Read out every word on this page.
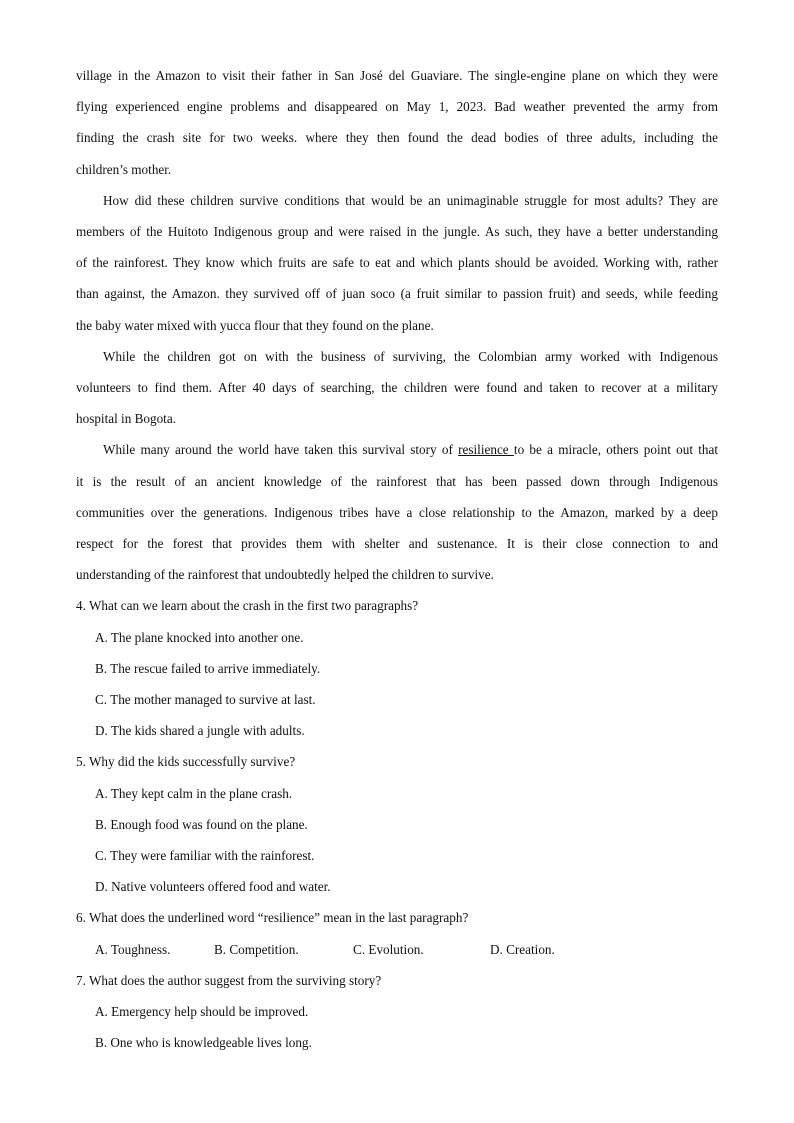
village in the Amazon to visit their father in San José del Guaviare. The single-engine plane on which they were

flying experienced engine problems and disappeared on May 1, 2023. Bad weather prevented the army from

finding the crash site for two weeks. where they then found the dead bodies of three adults, including the

children’s mother.

How did these children survive conditions that would be an unimaginable struggle for most adults? They are

members of the Huitoto Indigenous group and were raised in the jungle. As such, they have a better understanding

of the rainforest. They know which fruits are safe to eat and which plants should be avoided. Working with, rather

than against, the Amazon. they survived off of juan soco (a fruit similar to passion fruit) and seeds, while feeding

the baby water mixed with yucca flour that they found on the plane.

While the children got on with the business of surviving, the Colombian army worked with Indigenous

volunteers to find them. After 40 days of searching, the children were found and taken to recover at a military

hospital in Bogota.

While many around the world have taken this survival story of resilience to be a miracle, others point out that

it is the result of an ancient knowledge of the rainforest that has been passed down through Indigenous

communities over the generations. Indigenous tribes have a close relationship to the Amazon, marked by a deep

respect for the forest that provides them with shelter and sustenance. It is their close connection to and

understanding of the rainforest that undoubtedly helped the children to survive.

4. What can we learn about the crash in the first two paragraphs?

A. The plane knocked into another one.

B. The rescue failed to arrive immediately.

C. The mother managed to survive at last.

D. The kids shared a jungle with adults.

5. Why did the kids successfully survive?

A. They kept calm in the plane crash.

B. Enough food was found on the plane.

C. They were familiar with the rainforest.

D. Native volunteers offered food and water.

6. What does the underlined word “resilience” mean in the last paragraph?

A. Toughness.	B. Competition.	C. Evolution.	D. Creation.

7. What does the author suggest from the surviving story?

A. Emergency help should be improved.

B. One who is knowledgeable lives long.
